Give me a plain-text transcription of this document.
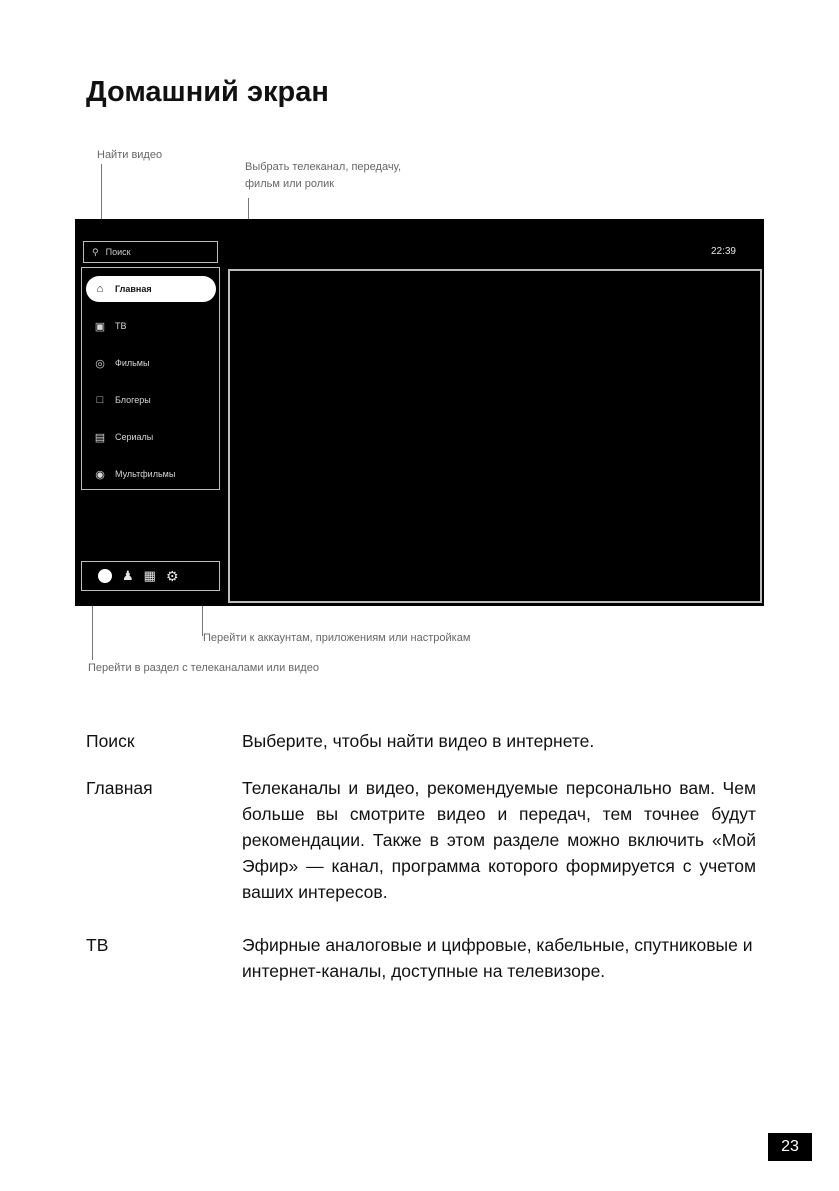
Домашний экран
Найти видео
Выбрать телеканал, передачу,
фильм или ролик
Перейти к аккаунтам, приложениям или настройкам
Перейти в раздел с телеканалами или видео
⚲ Поиск	22:39
⌂ Главная
▣ ТВ
◎ Фильмы
□ Блогеры
▤ Сериалы
◉ Мультфильмы
♟ ▦ ⚙
Поиск	Выберите, чтобы найти видео в интернете.
Главная	Телеканалы и видео, рекомендуемые персонально вам. Чем больше вы смотрите видео и передач, тем точнее будут рекомендации. Также в этом разделе можно включить «Мой Эфир» — канал, программа которого формируется с учетом ваших интересов.
ТВ	Эфирные аналоговые и цифровые, кабельные, спутниковые и интернет-каналы, доступные на телевизоре.
23
